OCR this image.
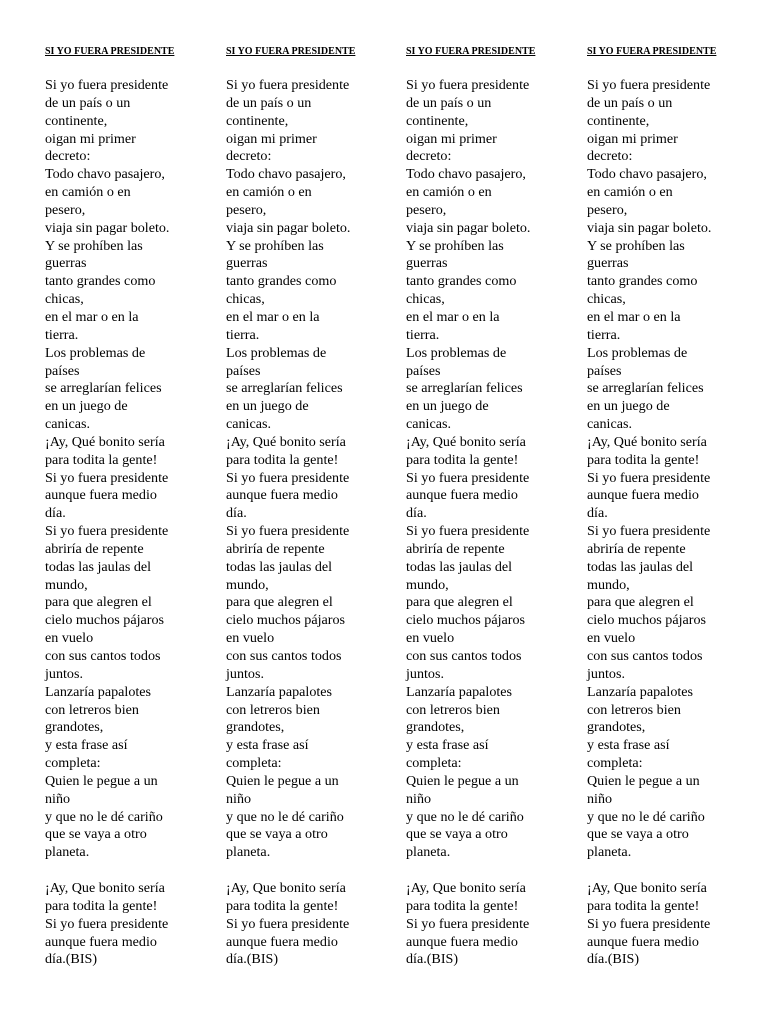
SI YO FUERA PRESIDENTE
Si yo fuera presidente
de un país o un
continente,
oigan mi primer
decreto:
Todo chavo pasajero,
en camión o en
pesero,
viaja sin pagar boleto.
Y se prohíben las
guerras
tanto grandes como
chicas,
en el mar o en la
tierra.
Los problemas de
países
se arreglarían felices
en un juego de
canicas.
¡Ay, Qué bonito sería
para todita la gente!
Si yo fuera presidente
aunque fuera medio
día.
Si yo fuera presidente
abriría de repente
todas las jaulas del
mundo,
para que alegren el
cielo muchos pájaros
en vuelo
con sus cantos todos
juntos.
Lanzaría papalotes
con letreros bien
grandotes,
y esta frase así
completa:
Quien le pegue a un
niño
y que no le dé cariño
que se vaya a otro
planeta.
¡Ay, Que bonito sería
para todita la gente!
Si yo fuera presidente
aunque fuera medio
día.(BIS)
SI YO FUERA PRESIDENTE
Si yo fuera presidente
de un país o un
continente,
oigan mi primer
decreto:
Todo chavo pasajero,
en camión o en
pesero,
viaja sin pagar boleto.
Y se prohíben las
guerras
tanto grandes como
chicas,
en el mar o en la
tierra.
Los problemas de
países
se arreglarían felices
en un juego de
canicas.
¡Ay, Qué bonito sería
para todita la gente!
Si yo fuera presidente
aunque fuera medio
día.
Si yo fuera presidente
abriría de repente
todas las jaulas del
mundo,
para que alegren el
cielo muchos pájaros
en vuelo
con sus cantos todos
juntos.
Lanzaría papalotes
con letreros bien
grandotes,
y esta frase así
completa:
Quien le pegue a un
niño
y que no le dé cariño
que se vaya a otro
planeta.
¡Ay, Que bonito sería
para todita la gente!
Si yo fuera presidente
aunque fuera medio
día.(BIS)
SI YO FUERA PRESIDENTE
Si yo fuera presidente
de un país o un
continente,
oigan mi primer
decreto:
Todo chavo pasajero,
en camión o en
pesero,
viaja sin pagar boleto.
Y se prohíben las
guerras
tanto grandes como
chicas,
en el mar o en la
tierra.
Los problemas de
países
se arreglarían felices
en un juego de
canicas.
¡Ay, Qué bonito sería
para todita la gente!
Si yo fuera presidente
aunque fuera medio
día.
Si yo fuera presidente
abriría de repente
todas las jaulas del
mundo,
para que alegren el
cielo muchos pájaros
en vuelo
con sus cantos todos
juntos.
Lanzaría papalotes
con letreros bien
grandotes,
y esta frase así
completa:
Quien le pegue a un
niño
y que no le dé cariño
que se vaya a otro
planeta.
¡Ay, Que bonito sería
para todita la gente!
Si yo fuera presidente
aunque fuera medio
día.(BIS)
SI YO FUERA PRESIDENTE
Si yo fuera presidente
de un país o un
continente,
oigan mi primer
decreto:
Todo chavo pasajero,
en camión o en
pesero,
viaja sin pagar boleto.
Y se prohíben las
guerras
tanto grandes como
chicas,
en el mar o en la
tierra.
Los problemas de
países
se arreglarían felices
en un juego de
canicas.
¡Ay, Qué bonito sería
para todita la gente!
Si yo fuera presidente
aunque fuera medio
día.
Si yo fuera presidente
abriría de repente
todas las jaulas del
mundo,
para que alegren el
cielo muchos pájaros
en vuelo
con sus cantos todos
juntos.
Lanzaría papalotes
con letreros bien
grandotes,
y esta frase así
completa:
Quien le pegue a un
niño
y que no le dé cariño
que se vaya a otro
planeta.
¡Ay, Que bonito sería
para todita la gente!
Si yo fuera presidente
aunque fuera medio
día.(BIS)
